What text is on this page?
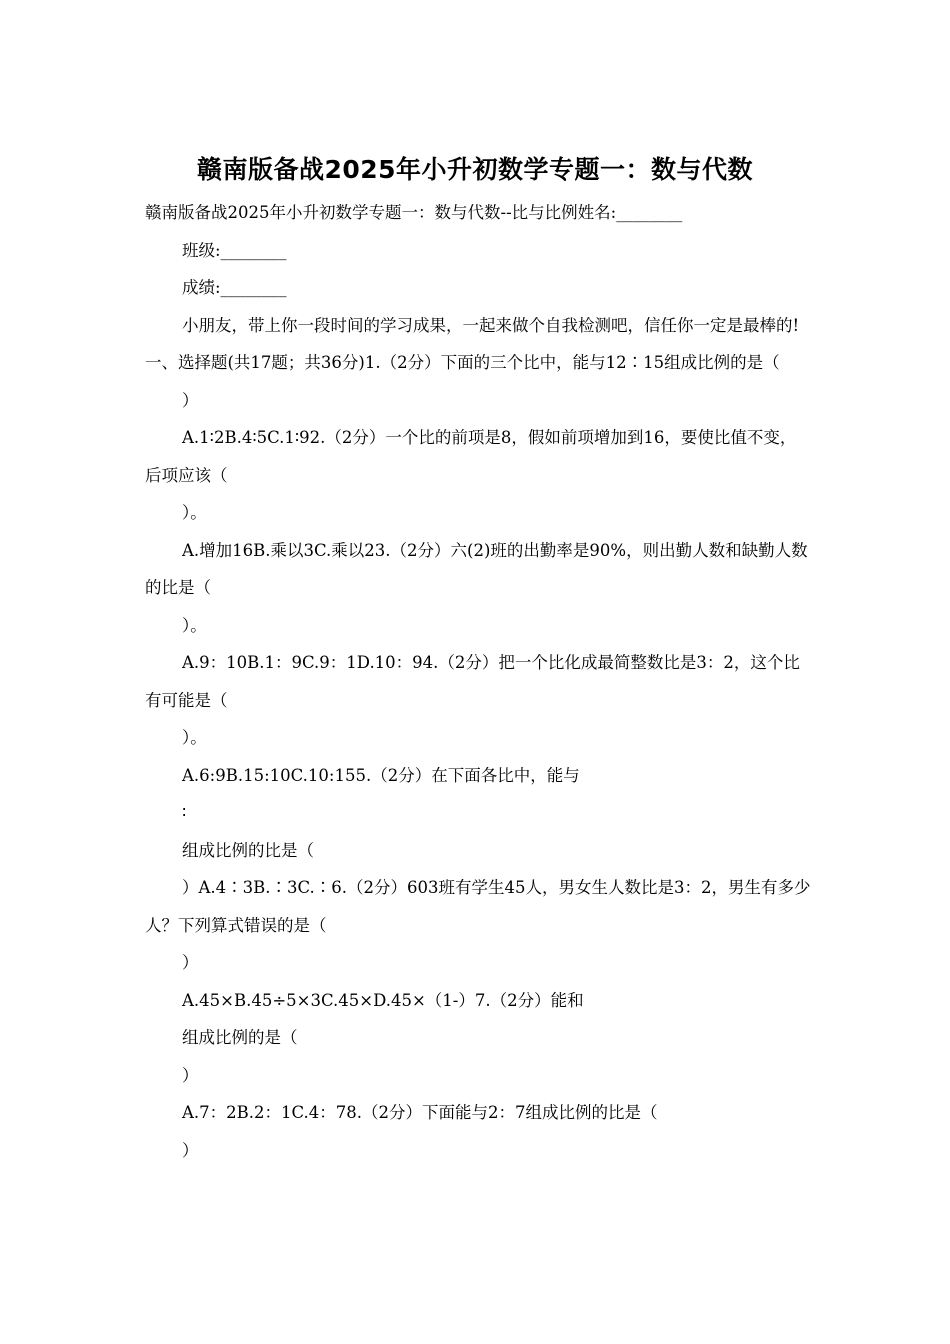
赣南版备战2025年小升初数学专题一：数与代数

赣南版备战2025年小升初数学专题一：数与代数--比与比例姓名:________

班级:________

成绩:________

小朋友，带上你一段时间的学习成果，一起来做个自我检测吧，信任你一定是最棒的!一、选择题(共17题；共36分)1.（2分）下面的三个比中，能与12∶15组成比例的是（

）

A.1∶2B.4∶5C.1∶92.（2分）一个比的前项是8，假如前项增加到16，要使比值不变，后项应该（

）。

A.增加16B.乘以3C.乘以23.（2分）六(2)班的出勤率是90%，则出勤人数和缺勤人数的比是（

）。

A.9：10B.1：9C.9：1D.10：94.（2分）把一个比化成最简整数比是3：2，这个比有可能是（

）。

A.6:9B.15:10C.10:155.（2分）在下面各比中，能与

∶

组成比例的比是（

）A.4∶3B.∶3C.∶6.（2分）603班有学生45人，男女生人数比是3：2，男生有多少人？下列算式错误的是（

）

A.45×B.45÷5×3C.45×D.45×（1-）7.（2分）能和

组成比例的是（

）

A.7：2B.2：1C.4：78.（2分）下面能与2：7组成比例的比是（

）
